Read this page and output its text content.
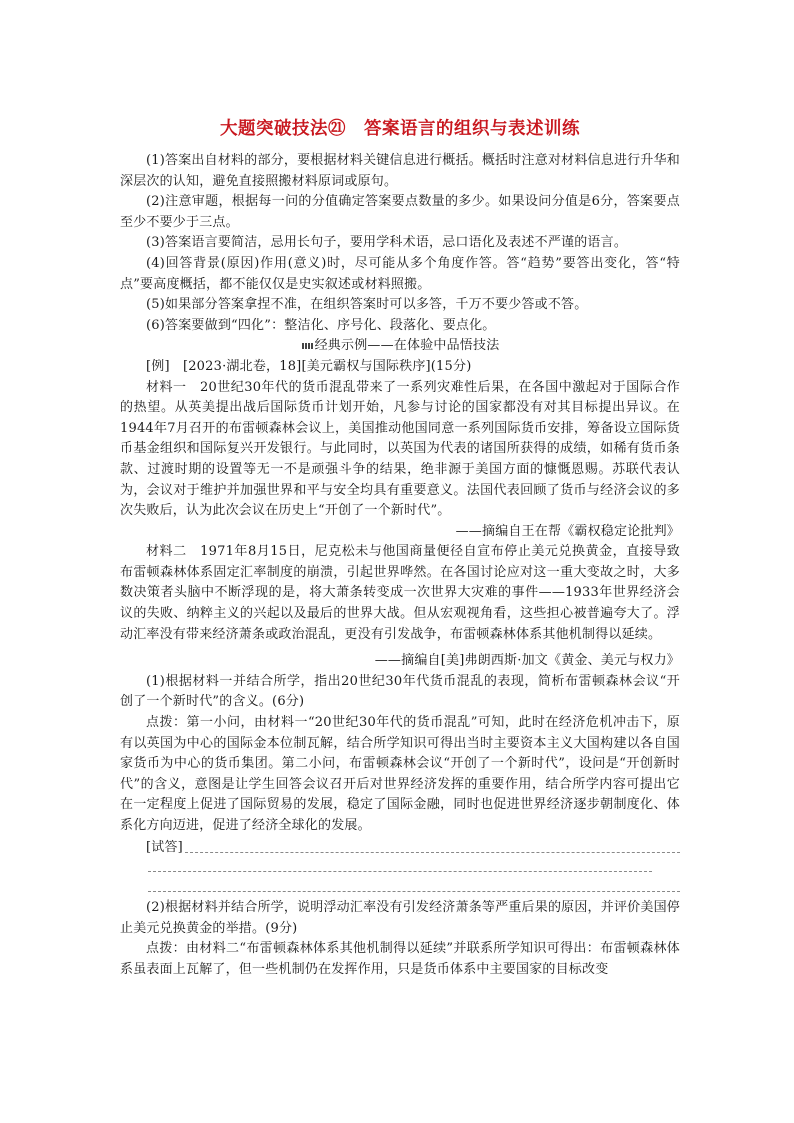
大题突破技法㉑　答案语言的组织与表述训练

(1)答案出自材料的部分，要根据材料关键信息进行概括。概括时注意对材料信息进行升华和深层次的认知，避免直接照搬材料原词或原句。

(2)注意审题，根据每一问的分值确定答案要点数量的多少。如果设问分值是6分，答案要点至少不要少于三点。

(3)答案语言要简洁，忌用长句子，要用学科术语，忌口语化及表述不严谨的语言。

(4)回答背景(原因)作用(意义)时，尽可能从多个角度作答。答“趋势”要答出变化，答“特点”要高度概括，都不能仅仅是史实叙述或材料照搬。

(5)如果部分答案拿捏不准，在组织答案时可以多答，千万不要少答或不答。

(6)答案要做到“四化”：整洁化、序号化、段落化、要点化。

经典示例——在体验中品悟技法

[例]　[2023·湖北卷，18][美元霸权与国际秩序](15分)

材料一　20世纪30年代的货币混乱带来了一系列灾难性后果，在各国中激起对于国际合作的热望。从英美提出战后国际货币计划开始，凡参与讨论的国家都没有对其目标提出异议。在1944年7月召开的布雷顿森林会议上，美国推动他国同意一系列国际货币安排，筹备设立国际货币基金组织和国际复兴开发银行。与此同时，以英国为代表的诸国所获得的成绩，如稀有货币条款、过渡时期的设置等无一不是顽强斗争的结果，绝非源于美国方面的慷慨恩赐。苏联代表认为，会议对于维护并加强世界和平与安全均具有重要意义。法国代表回顾了货币与经济会议的多次失败后，认为此次会议在历史上“开创了一个新时代”。

——摘编自王在帮《霸权稳定论批判》

材料二　1971年8月15日，尼克松未与他国商量便径自宣布停止美元兑换黄金，直接导致布雷顿森林体系固定汇率制度的崩溃，引起世界哗然。在各国讨论应对这一重大变故之时，大多数决策者头脑中不断浮现的是，将大萧条转变成一次世界大灾难的事件——1933年世界经济会议的失败、纳粹主义的兴起以及最后的世界大战。但从宏观视角看，这些担心被普遍夸大了。浮动汇率没有带来经济萧条或政治混乱，更没有引发战争，布雷顿森林体系其他机制得以延续。

——摘编自[美]弗朗西斯·加文《黄金、美元与权力》

(1)根据材料一并结合所学，指出20世纪30年代货币混乱的表现，简析布雷顿森林会议“开创了一个新时代”的含义。(6分)

点拨：第一小问，由材料一“20世纪30年代的货币混乱”可知，此时在经济危机冲击下，原有以英国为中心的国际金本位制瓦解，结合所学知识可得出当时主要资本主义大国构建以各自国家货币为中心的货币集团。第二小问，布雷顿森林会议“开创了一个新时代”，设问是“开创新时代”的含义，意图是让学生回答会议召开后对世界经济发挥的重要作用，结合所学内容可提出它在一定程度上促进了国际贸易的发展，稳定了国际金融，同时也促进世界经济逐步朝制度化、体系化方向迈进，促进了经济全球化的发展。

[试答]

(2)根据材料并结合所学，说明浮动汇率没有引发经济萧条等严重后果的原因，并评价美国停止美元兑换黄金的举措。(9分)

点拨：由材料二“布雷顿森林体系其他机制得以延续”并联系所学知识可得出：布雷顿森林体系虽表面上瓦解了，但一些机制仍在发挥作用，只是货币体系中主要国家的目标改变
